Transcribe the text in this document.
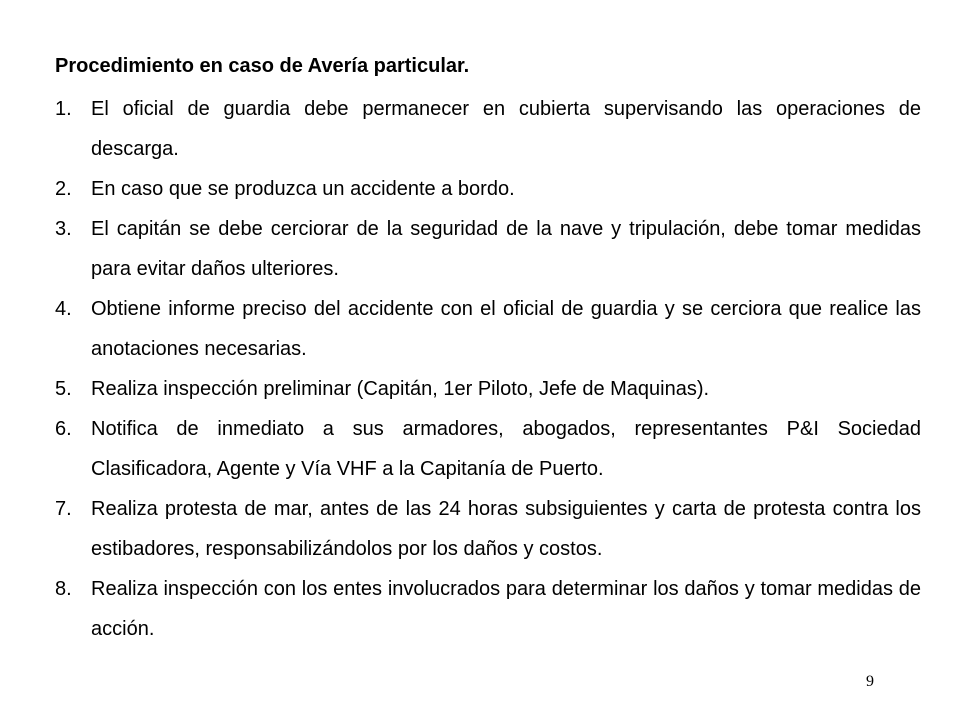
Procedimiento en caso de Avería particular.
1. El oficial de guardia debe permanecer en cubierta supervisando las operaciones de descarga.
2. En caso que se produzca un accidente a bordo.
3. El capitán se debe cerciorar de la seguridad de la nave y tripulación, debe tomar medidas para evitar daños ulteriores.
4. Obtiene informe preciso del accidente con el oficial de guardia y se cerciora que realice las anotaciones necesarias.
5. Realiza inspección preliminar (Capitán, 1er Piloto, Jefe de Maquinas).
6. Notifica de inmediato a sus armadores, abogados, representantes P&I Sociedad Clasificadora, Agente y Vía VHF a la Capitanía de Puerto.
7. Realiza protesta de mar, antes de las 24 horas subsiguientes y carta de protesta contra los estibadores, responsabilizándolos por los daños y costos.
8. Realiza inspección con los entes involucrados para determinar los daños y tomar medidas de acción.
9
